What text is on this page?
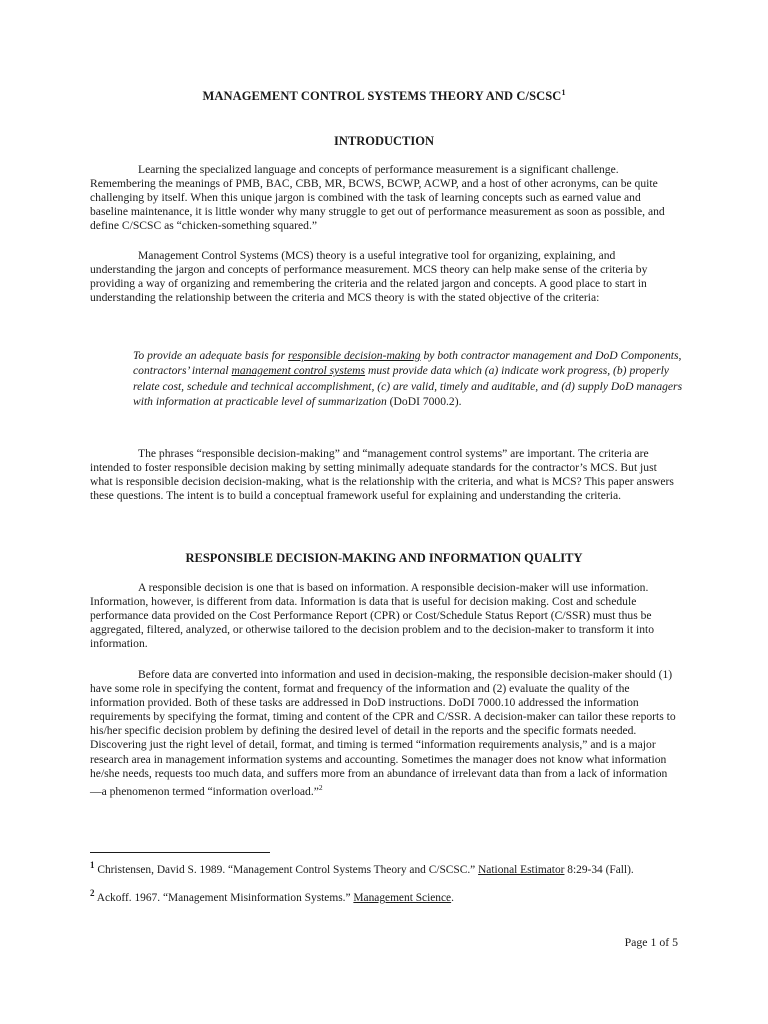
MANAGEMENT CONTROL SYSTEMS THEORY AND C/SCSC$^1$
INTRODUCTION

Learning the specialized language and concepts of performance measurement is a significant challenge. Remembering the meanings of PMB, BAC, CBB, MR, BCWS, BCWP, ACWP, and a host of other acronyms, can be quite challenging by itself. When this unique jargon is combined with the task of learning concepts such as earned value and baseline maintenance, it is little wonder why many struggle to get out of performance measurement as soon as possible, and define C/SCSC as “chicken-something squared.”

Management Control Systems (MCS) theory is a useful integrative tool for organizing, explaining, and understanding the jargon and concepts of performance measurement. MCS theory can help make sense of the criteria by providing a way of organizing and remembering the criteria and the related jargon and concepts. A good place to start in understanding the relationship between the criteria and MCS theory is with the stated objective of the criteria:

To provide an adequate basis for responsible decision-making by both contractor management and DoD Components, contractors’ internal management control systems must provide data which (a) indicate work progress, (b) properly relate cost, schedule and technical accomplishment, (c) are valid, timely and auditable, and (d) supply DoD managers with information at practicable level of summarization (DoDI 7000.2).

The phrases “responsible decision-making” and “management control systems” are important. The criteria are intended to foster responsible decision making by setting minimally adequate standards for the contractor’s MCS. But just what is responsible decision decision-making, what is the relationship with the criteria, and what is MCS? This paper answers these questions. The intent is to build a conceptual framework useful for explaining and understanding the criteria.

RESPONSIBLE DECISION-MAKING AND INFORMATION QUALITY

A responsible decision is one that is based on information. A responsible decision-maker will use information. Information, however, is different from data. Information is data that is useful for decision making. Cost and schedule performance data provided on the Cost Performance Report (CPR) or Cost/Schedule Status Report (C/SSR) must thus be aggregated, filtered, analyzed, or otherwise tailored to the decision problem and to the decision-maker to transform it into information.

Before data are converted into information and used in decision-making, the responsible decision-maker should (1) have some role in specifying the content, format and frequency of the information and (2) evaluate the quality of the information provided. Both of these tasks are addressed in DoD instructions. DoDI 7000.10 addressed the information requirements by specifying the format, timing and content of the CPR and C/SSR. A decision-maker can tailor these reports to his/her specific decision problem by defining the desired level of detail in the reports and the specific formats needed. Discovering just the right level of detail, format, and timing is termed “information requirements analysis,” and is a major research area in management information systems and accounting. Sometimes the manager does not know what information he/she needs, requests too much data, and suffers more from an abundance of irrelevant data than from a lack of information—a phenomenon termed “information overload.”$^2$

$^1$ Christensen, David S. 1989. “Management Control Systems Theory and C/SCSC.” National Estimator 8:29-34 (Fall).

$^2$ Ackoff. 1967. “Management Misinformation Systems.” Management Science.

Page 1 of 5
